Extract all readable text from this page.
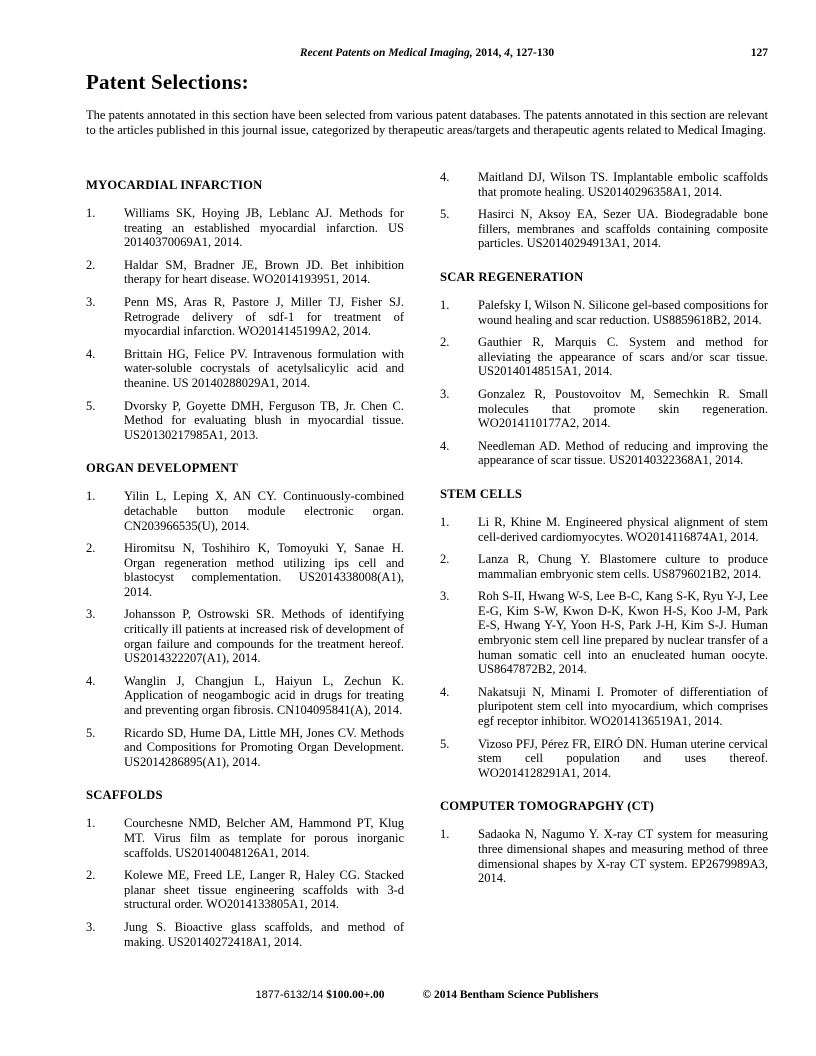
Recent Patents on Medical Imaging, 2014, 4, 127-130	127
Patent Selections:
The patents annotated in this section have been selected from various patent databases. The patents annotated in this section are relevant to the articles published in this journal issue, categorized by therapeutic areas/targets and therapeutic agents related to Medical Imaging.
MYOCARDIAL INFARCTION
1.	Williams SK, Hoying JB, Leblanc AJ. Methods for treating an established myocardial infarction. US 20140370069A1, 2014.
2.	Haldar SM, Bradner JE, Brown JD. Bet inhibition therapy for heart disease. WO2014193951, 2014.
3.	Penn MS, Aras R, Pastore J, Miller TJ, Fisher SJ. Retrograde delivery of sdf-1 for treatment of myocardial infarction. WO2014145199A2, 2014.
4.	Brittain HG, Felice PV. Intravenous formulation with water-soluble cocrystals of acetylsalicylic acid and theanine. US 20140288029A1, 2014.
5.	Dvorsky P, Goyette DMH, Ferguson TB, Jr. Chen C. Method for evaluating blush in myocardial tissue. US20130217985A1, 2013.
ORGAN DEVELOPMENT
1.	Yilin L, Leping X, AN CY. Continuously-combined detachable button module electronic organ. CN203966535(U), 2014.
2.	Hiromitsu N, Toshihiro K, Tomoyuki Y, Sanae H. Organ regeneration method utilizing ips cell and blastocyst complementation. US2014338008(A1), 2014.
3.	Johansson P, Ostrowski SR. Methods of identifying critically ill patients at increased risk of development of organ failure and compounds for the treatment hereof. US2014322207(A1), 2014.
4.	Wanglin J, Changjun L, Haiyun L, Zechun K. Application of neogambogic acid in drugs for treating and preventing organ fibrosis. CN104095841(A), 2014.
5.	Ricardo SD, Hume DA, Little MH, Jones CV. Methods and Compositions for Promoting Organ Development. US2014286895(A1), 2014.
SCAFFOLDS
1.	Courchesne NMD, Belcher AM, Hammond PT, Klug MT. Virus film as template for porous inorganic scaffolds. US20140048126A1, 2014.
2.	Kolewe ME, Freed LE, Langer R, Haley CG. Stacked planar sheet tissue engineering scaffolds with 3-d structural order. WO2014133805A1, 2014.
3.	Jung S. Bioactive glass scaffolds, and method of making. US20140272418A1, 2014.
4.	Maitland DJ, Wilson TS. Implantable embolic scaffolds that promote healing. US20140296358A1, 2014.
5.	Hasirci N, Aksoy EA, Sezer UA. Biodegradable bone fillers, membranes and scaffolds containing composite particles. US20140294913A1, 2014.
SCAR REGENERATION
1.	Palefsky I, Wilson N. Silicone gel-based compositions for wound healing and scar reduction. US8859618B2, 2014.
2.	Gauthier R, Marquis C. System and method for alleviating the appearance of scars and/or scar tissue. US20140148515A1, 2014.
3.	Gonzalez R, Poustovoitov M, Semechkin R. Small molecules that promote skin regeneration. WO2014110177A2, 2014.
4.	Needleman AD. Method of reducing and improving the appearance of scar tissue. US20140322368A1, 2014.
STEM CELLS
1.	Li R, Khine M. Engineered physical alignment of stem cell-derived cardiomyocytes. WO2014116874A1, 2014.
2.	Lanza R, Chung Y. Blastomere culture to produce mammalian embryonic stem cells. US8796021B2, 2014.
3.	Roh S-II, Hwang W-S, Lee B-C, Kang S-K, Ryu Y-J, Lee E-G, Kim S-W, Kwon D-K, Kwon H-S, Koo J-M, Park E-S, Hwang Y-Y, Yoon H-S, Park J-H, Kim S-J. Human embryonic stem cell line prepared by nuclear transfer of a human somatic cell into an enucleated human oocyte. US8647872B2, 2014.
4.	Nakatsuji N, Minami I. Promoter of differentiation of pluripotent stem cell into myocardium, which comprises egf receptor inhibitor. WO2014136519A1, 2014.
5.	Vizoso PFJ, Pérez FR, EIRÓ DN. Human uterine cervical stem cell population and uses thereof. WO2014128291A1, 2014.
COMPUTER TOMOGRAPGHY (CT)
1.	Sadaoka N, Nagumo Y. X-ray CT system for measuring three dimensional shapes and measuring method of three dimensional shapes by X-ray CT system. EP2679989A3, 2014.
1877-6132/14 $100.00+.00	© 2014 Bentham Science Publishers
